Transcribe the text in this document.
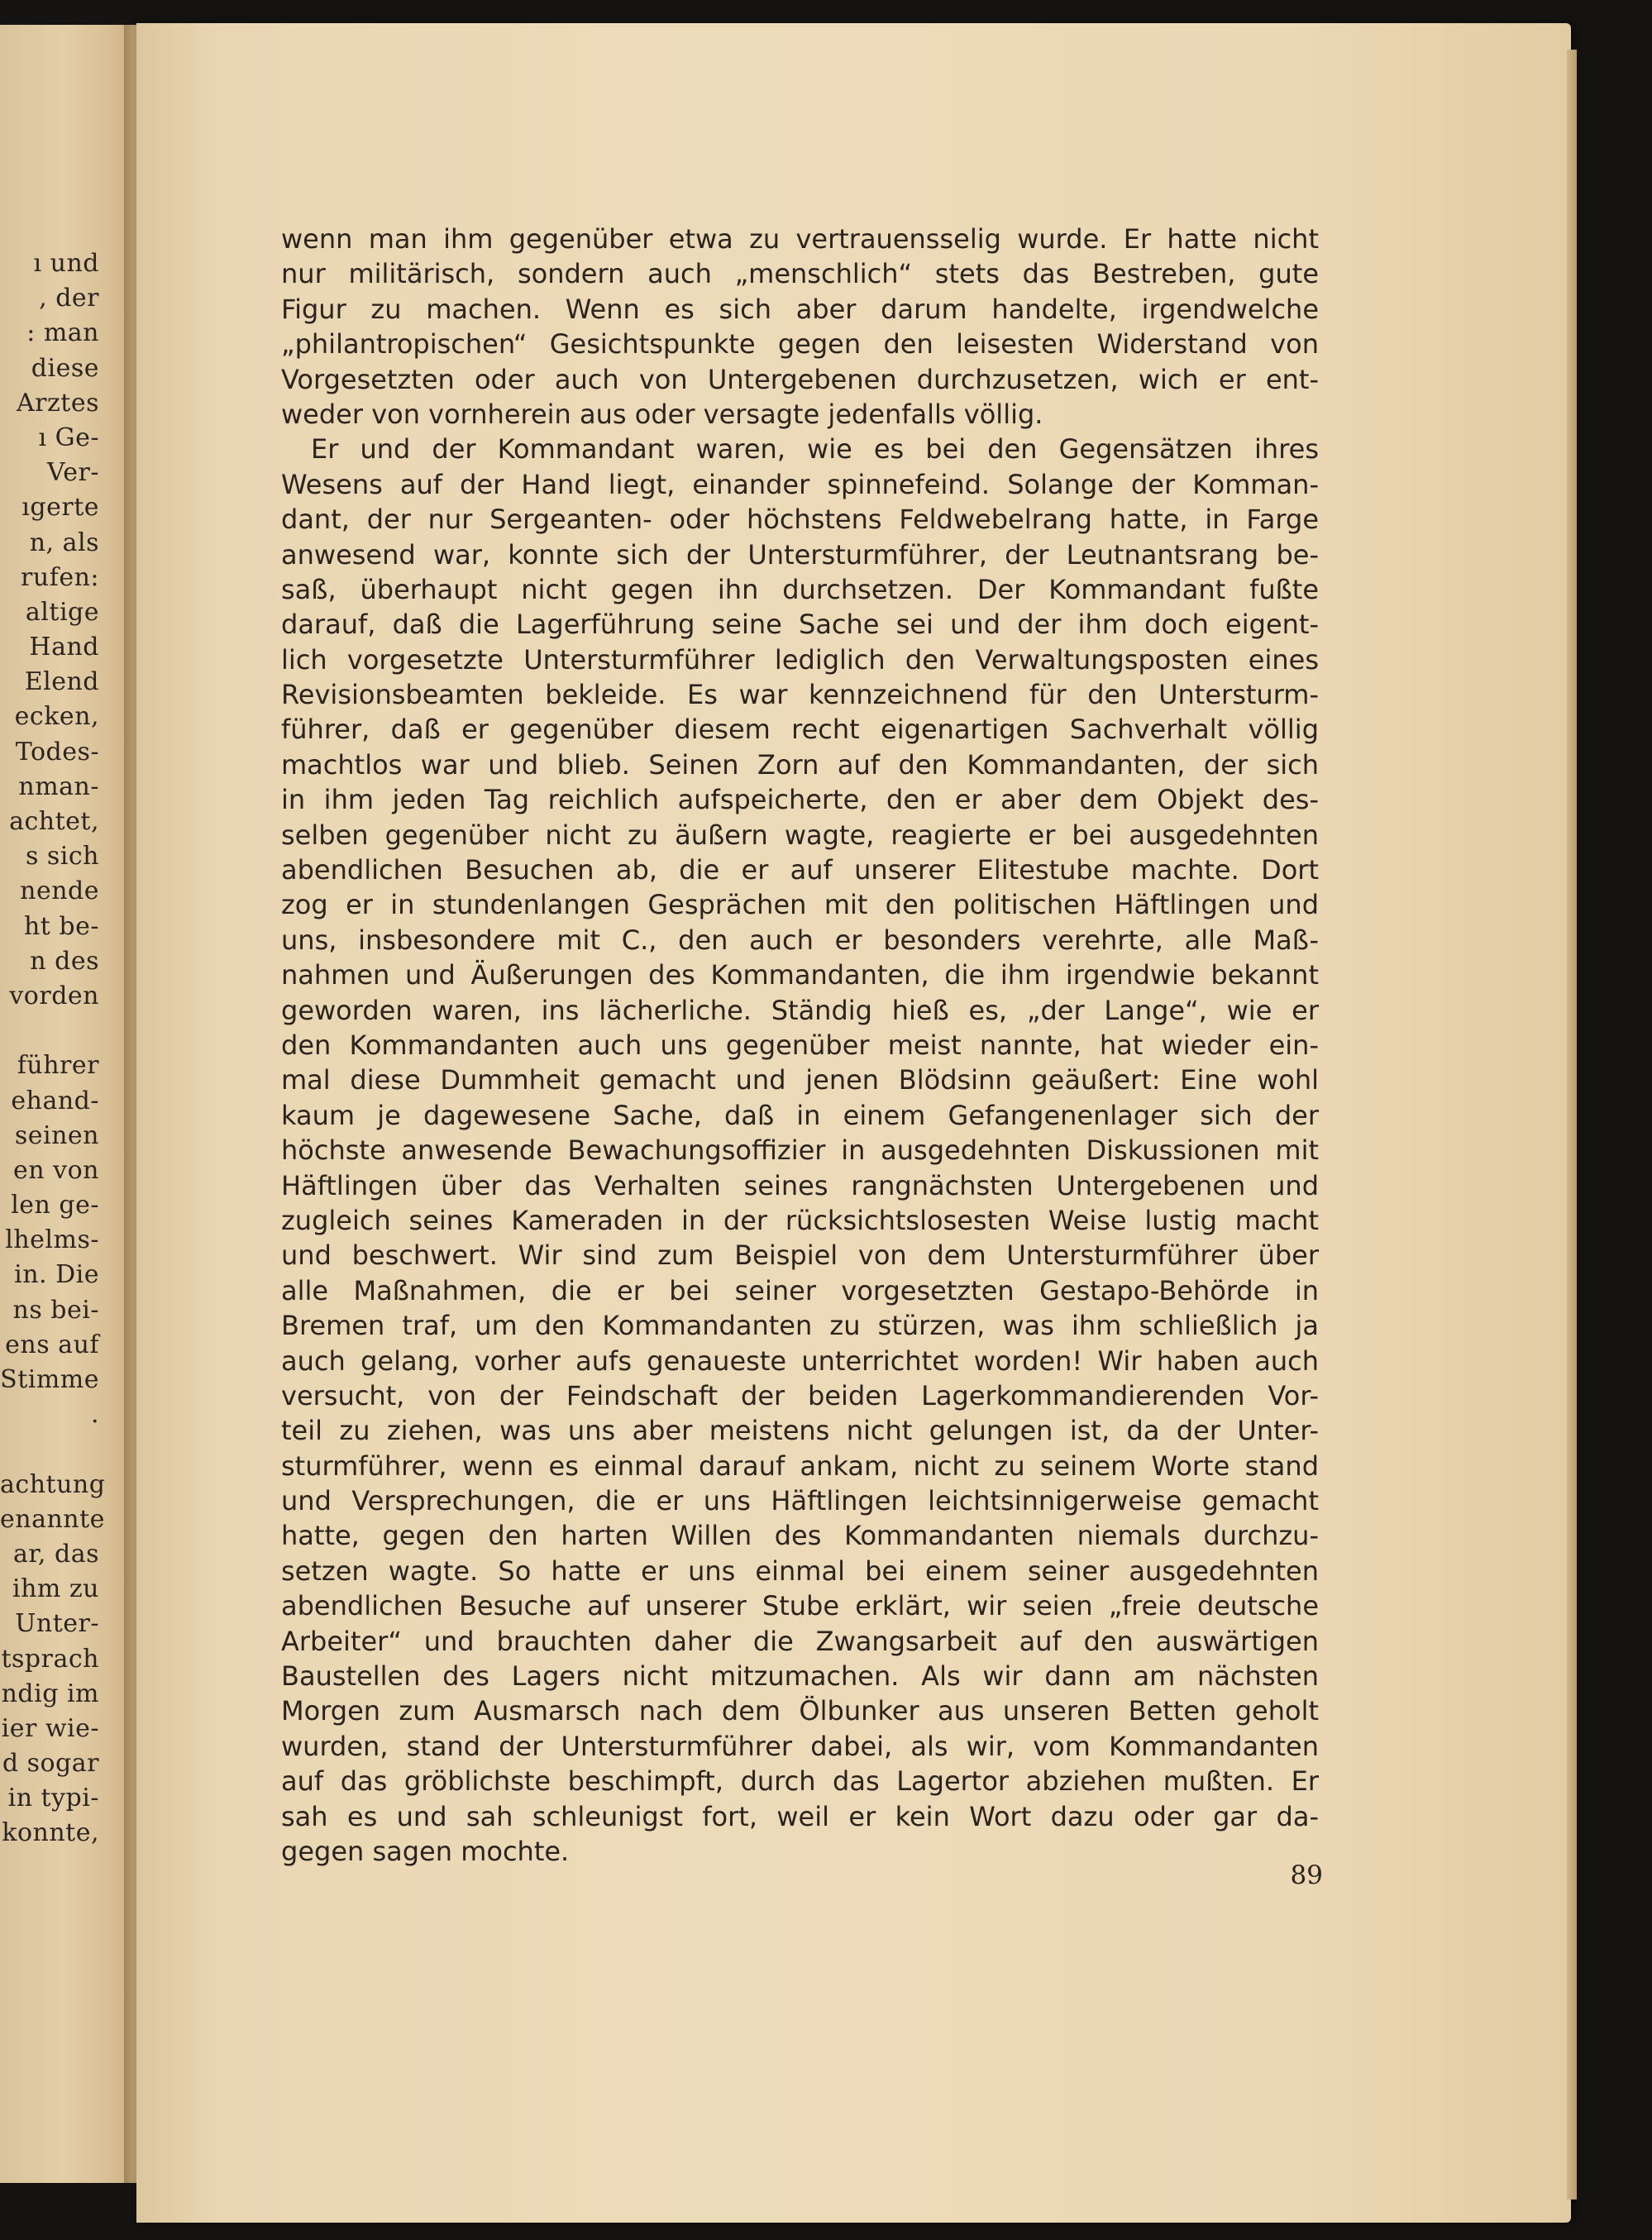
ı und
, der
: man
diese
Arztes
ı Ge-
Ver-
ıgerte
n, als
rufen:
altige
Hand
Elend
ecken,
Todes-
nman-
achtet,
s sich
nende
ht be-
n des
vorden
führer
ehand-
seinen
en von
len ge-
lhelms-
in. Die
ns bei-
ens auf
Stimme
.
achtung
enannte
ar, das
ihm zu
Unter-
tsprach
ndig im
ier wie-
d sogar
in typi-
konnte,
wenn man ihm gegenüber etwa zu vertrauensselig wurde. Er hatte nicht
nur militärisch, sondern auch „menschlich“ stets das Bestreben, gute
Figur zu machen. Wenn es sich aber darum handelte, irgendwelche
„philantropischen“ Gesichtspunkte gegen den leisesten Widerstand von
Vorgesetzten oder auch von Untergebenen durchzusetzen, wich er ent-
weder von vornherein aus oder versagte jedenfalls völlig.
Er und der Kommandant waren, wie es bei den Gegensätzen ihres
Wesens auf der Hand liegt, einander spinnefeind. Solange der Komman-
dant, der nur Sergeanten- oder höchstens Feldwebelrang hatte, in Farge
anwesend war, konnte sich der Untersturmführer, der Leutnantsrang be-
saß, überhaupt nicht gegen ihn durchsetzen. Der Kommandant fußte
darauf, daß die Lagerführung seine Sache sei und der ihm doch eigent-
lich vorgesetzte Untersturmführer lediglich den Verwaltungsposten eines
Revisionsbeamten bekleide. Es war kennzeichnend für den Untersturm-
führer, daß er gegenüber diesem recht eigenartigen Sachverhalt völlig
machtlos war und blieb. Seinen Zorn auf den Kommandanten, der sich
in ihm jeden Tag reichlich aufspeicherte, den er aber dem Objekt des-
selben gegenüber nicht zu äußern wagte, reagierte er bei ausgedehnten
abendlichen Besuchen ab, die er auf unserer Elitestube machte. Dort
zog er in stundenlangen Gesprächen mit den politischen Häftlingen und
uns, insbesondere mit C., den auch er besonders verehrte, alle Maß-
nahmen und Äußerungen des Kommandanten, die ihm irgendwie bekannt
geworden waren, ins lächerliche. Ständig hieß es, „der Lange“, wie er
den Kommandanten auch uns gegenüber meist nannte, hat wieder ein-
mal diese Dummheit gemacht und jenen Blödsinn geäußert: Eine wohl
kaum je dagewesene Sache, daß in einem Gefangenenlager sich der
höchste anwesende Bewachungsoffizier in ausgedehnten Diskussionen mit
Häftlingen über das Verhalten seines rangnächsten Untergebenen und
zugleich seines Kameraden in der rücksichtslosesten Weise lustig macht
und beschwert. Wir sind zum Beispiel von dem Untersturmführer über
alle Maßnahmen, die er bei seiner vorgesetzten Gestapo-Behörde in
Bremen traf, um den Kommandanten zu stürzen, was ihm schließlich ja
auch gelang, vorher aufs genaueste unterrichtet worden! Wir haben auch
versucht, von der Feindschaft der beiden Lagerkommandierenden Vor-
teil zu ziehen, was uns aber meistens nicht gelungen ist, da der Unter-
sturmführer, wenn es einmal darauf ankam, nicht zu seinem Worte stand
und Versprechungen, die er uns Häftlingen leichtsinnigerweise gemacht
hatte, gegen den harten Willen des Kommandanten niemals durchzu-
setzen wagte. So hatte er uns einmal bei einem seiner ausgedehnten
abendlichen Besuche auf unserer Stube erklärt, wir seien „freie deutsche
Arbeiter“ und brauchten daher die Zwangsarbeit auf den auswärtigen
Baustellen des Lagers nicht mitzumachen. Als wir dann am nächsten
Morgen zum Ausmarsch nach dem Ölbunker aus unseren Betten geholt
wurden, stand der Untersturmführer dabei, als wir, vom Kommandanten
auf das gröblichste beschimpft, durch das Lagertor abziehen mußten. Er
sah es und sah schleunigst fort, weil er kein Wort dazu oder gar da-
gegen sagen mochte.
89
